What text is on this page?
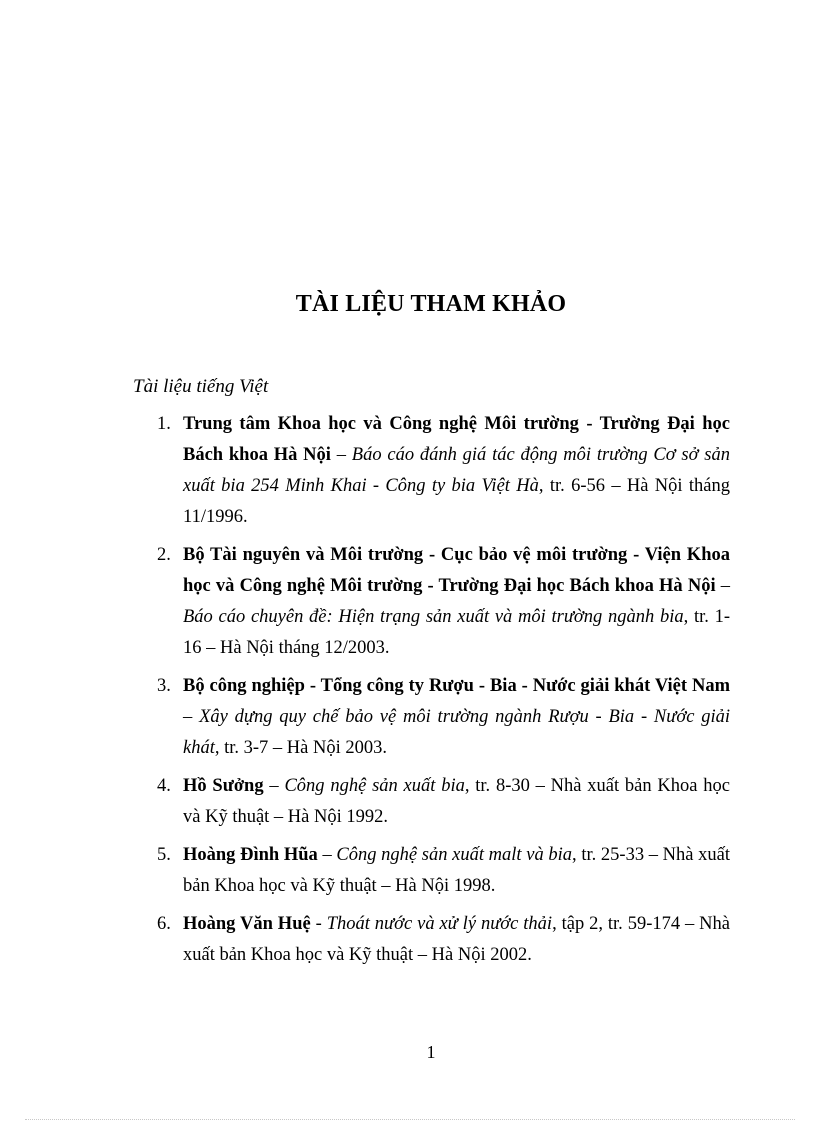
TÀI LIỆU THAM KHẢO
Tài liệu tiếng Việt
1. Trung tâm Khoa học và Công nghệ Môi trường - Trường Đại học Bách khoa Hà Nội – Báo cáo đánh giá tác động môi trường Cơ sở sản xuất bia 254 Minh Khai - Công ty bia Việt Hà, tr. 6-56 – Hà Nội tháng 11/1996.
2. Bộ Tài nguyên và Môi trường - Cục bảo vệ môi trường - Viện Khoa học và Công nghệ Môi trường - Trường Đại học Bách khoa Hà Nội – Báo cáo chuyên đề: Hiện trạng sản xuất và môi trường ngành bia, tr. 1-16 – Hà Nội tháng 12/2003.
3. Bộ công nghiệp - Tổng công ty Rượu - Bia - Nước giải khát Việt Nam – Xây dựng quy chế bảo vệ môi trường ngành Rượu - Bia - Nước giải khát, tr. 3-7 – Hà Nội 2003.
4. Hồ Sưởng – Công nghệ sản xuất bia, tr. 8-30 – Nhà xuất bản Khoa học và Kỹ thuật – Hà Nội 1992.
5. Hoàng Đình Hũa – Công nghệ sản xuất malt và bia, tr. 25-33 – Nhà xuất bản Khoa học và Kỹ thuật – Hà Nội 1998.
6. Hoàng Văn Huệ - Thoát nước và xử lý nước thải, tập 2, tr. 59-174 – Nhà xuất bản Khoa học và Kỹ thuật – Hà Nội 2002.
1
